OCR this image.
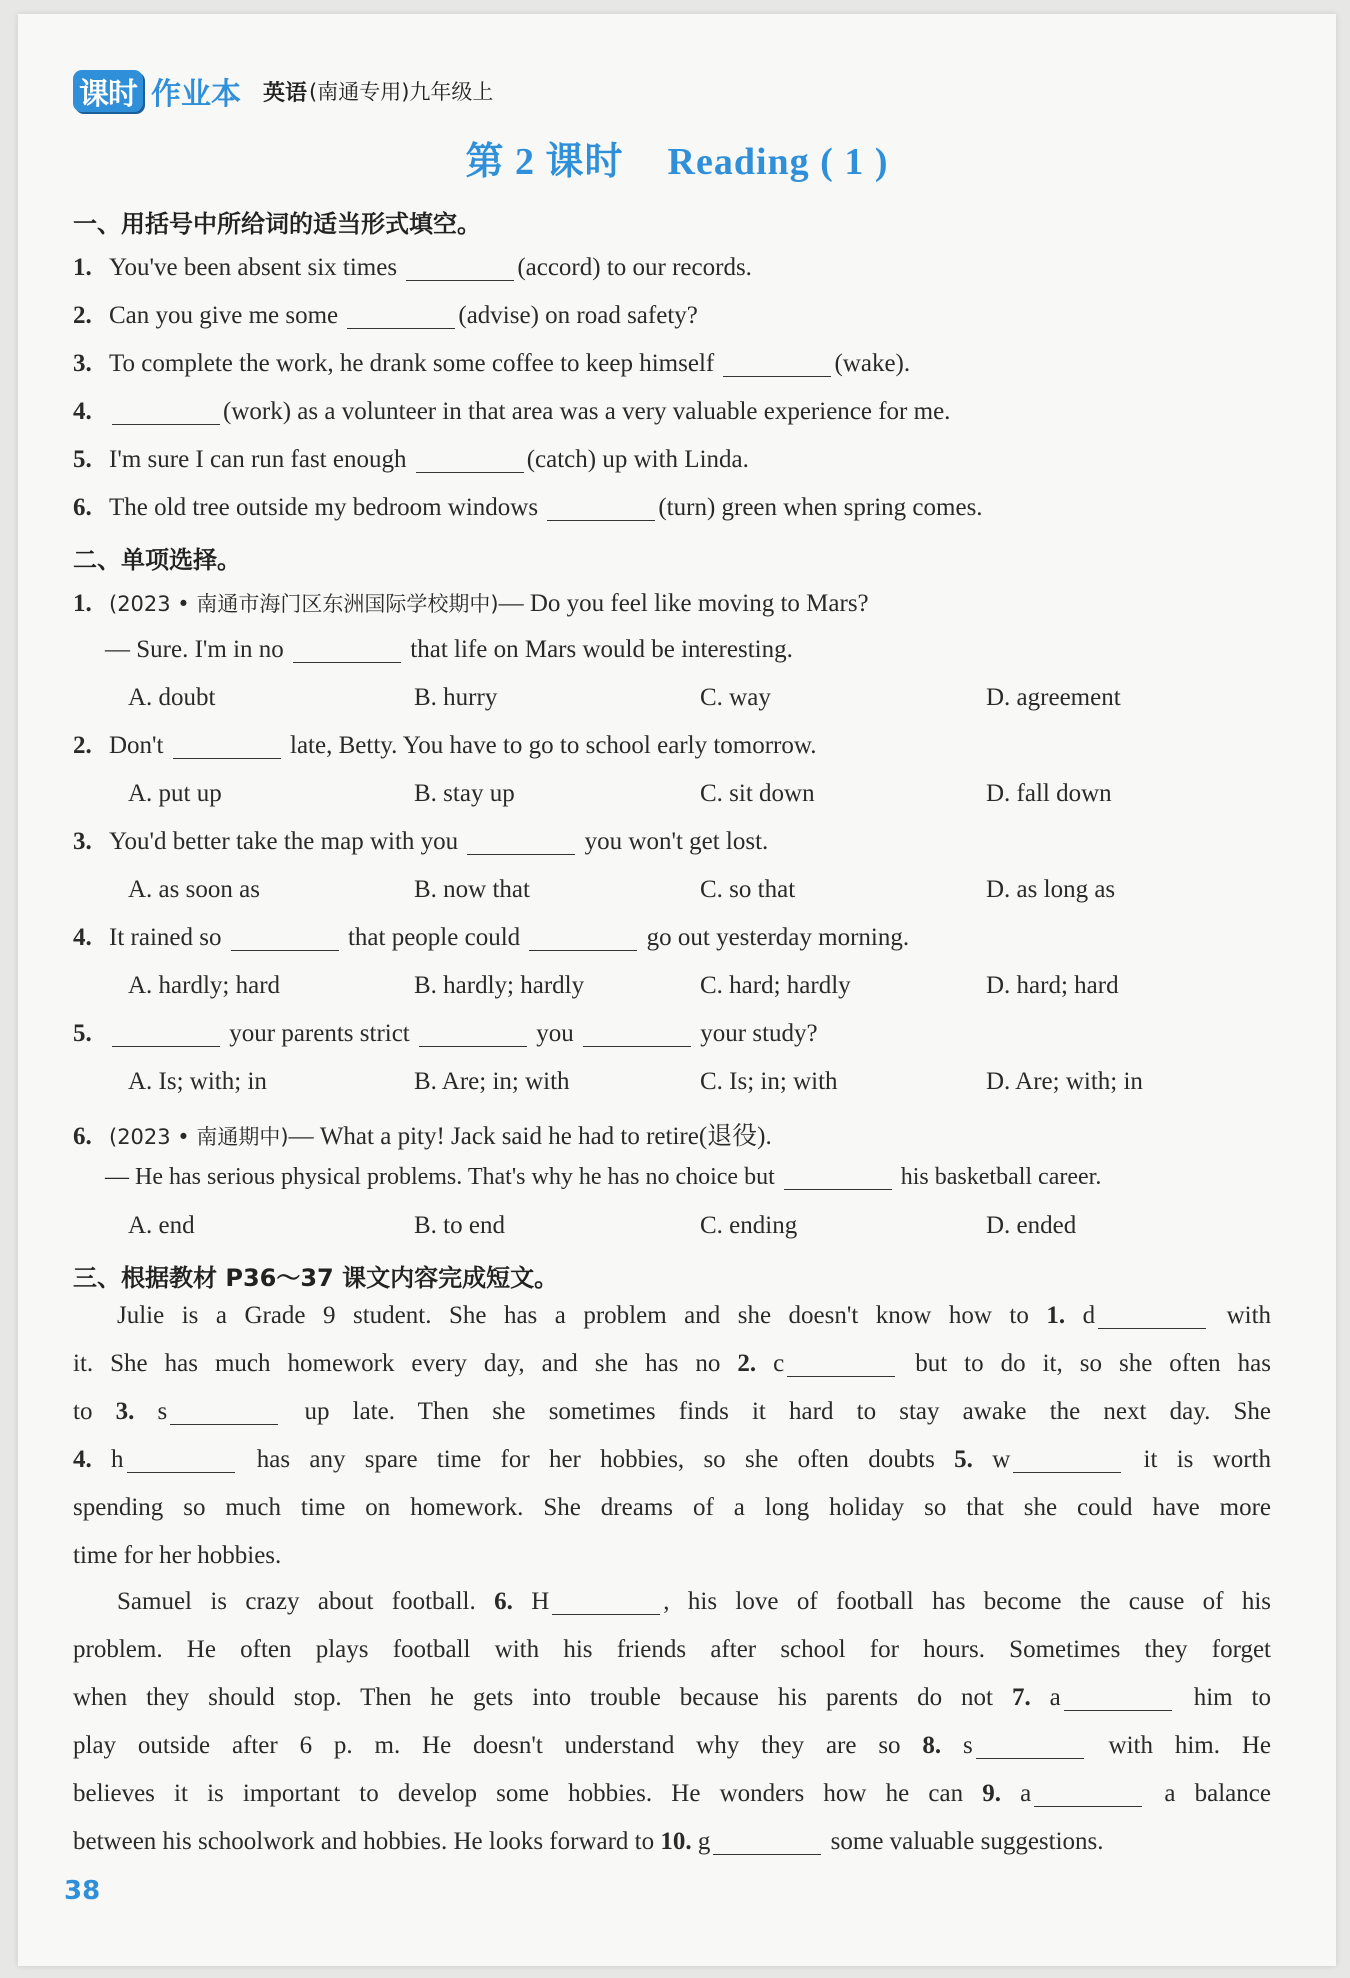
课时 作业本 英语 (南通专用)九年级上
第 2 课时 Reading ( 1 )
一、用括号中所给词的适当形式填空。
1. You've been absent six times	(accord) to our records.
2. Can you give me some	(advise) on road safety?
3. To complete the work, he drank some coffee to keep himself	(wake).
4.	(work) as a volunteer in that area was a very valuable experience for me.
5. I'm sure I can run fast enough	(catch) up with Linda.
6. The old tree outside my bedroom windows	(turn) green when spring comes.
二、单项选择。
1. (2023 • 南通市海门区东洲国际学校期中)— Do you feel like moving to Mars?
— Sure. I'm in no	that life on Mars would be interesting.
A. doubt	B. hurry	C. way	D. agreement
2. Don't	late, Betty. You have to go to school early tomorrow.
A. put up	B. stay up	C. sit down	D. fall down
3. You'd better take the map with you	you won't get lost.
A. as soon as	B. now that	C. so that	D. as long as
4. It rained so	that people could	go out yesterday morning.
A. hardly; hard	B. hardly; hardly	C. hard; hardly	D. hard; hard
5.	your parents strict	you	your study?
A. Is; with; in	B. Are; in; with	C. Is; in; with	D. Are; with; in
6. (2023 • 南通期中)— What a pity! Jack said he had to retire(退役).
— He has serious physical problems. That's why he has no choice but	his basketball career.
A. end	B. to end	C. ending	D. ended
三、根据教材 P36～37 课文内容完成短文。
Julie is a Grade 9 student. She has a problem and she doesn't know how to 1. d	with
it. She has much homework every day, and she has no 2. c	but to do it, so she often has
to 3. s	up late. Then she sometimes finds it hard to stay awake the next day. She
4. h	has any spare time for her hobbies, so she often doubts 5. w	it is worth
spending so much time on homework. She dreams of a long holiday so that she could have more
time for her hobbies.
Samuel is crazy about football. 6. H	, his love of football has become the cause of his
problem. He often plays football with his friends after school for hours. Sometimes they forget
when they should stop. Then he gets into trouble because his parents do not 7. a	him to
play outside after 6 p. m. He doesn't understand why they are so 8. s	with him. He
believes it is important to develop some hobbies. He wonders how he can 9. a	a balance
between his schoolwork and hobbies. He looks forward to 10. g	some valuable suggestions.
38
